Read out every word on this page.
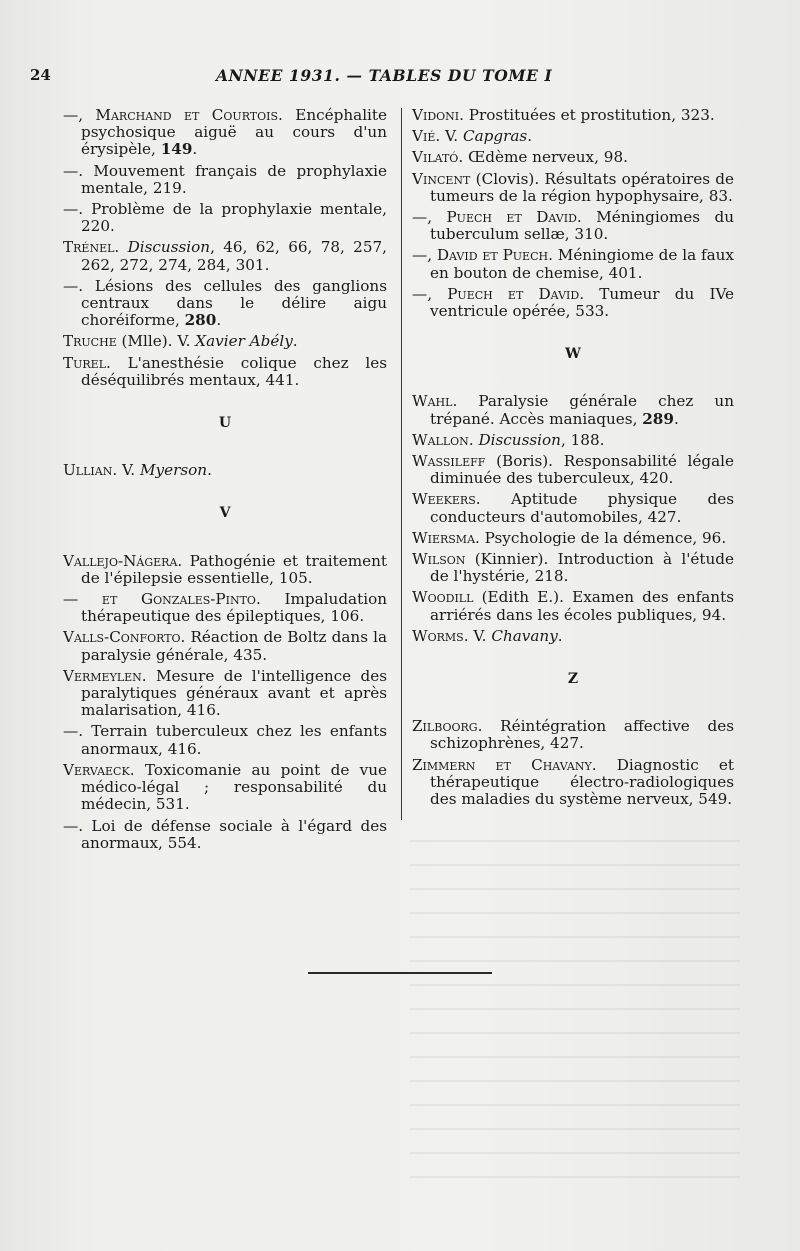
24	ANNEE 1931. — TABLES DU TOME I

—, Marchand et Courtois. Encéphalite psychosique aiguë au cours d'un érysipèle, 149.

—. Mouvement français de prophylaxie mentale, 219.

—. Problème de la prophylaxie mentale, 220.

Trénel. Discussion, 46, 62, 66, 78, 257, 262, 272, 274, 284, 301.

—. Lésions des cellules des ganglions centraux dans le délire aigu choréiforme, 280.

Truche (Mlle). V. Xavier Abély.

Turel. L'anesthésie colique chez les déséquilibrés mentaux, 441.

U

Ullian. V. Myerson.

V

Vallejo-Nágera. Pathogénie et traitement de l'épilepsie essentielle, 105.

— et Gonzales-Pinto. Impaludation thérapeutique des épileptiques, 106.

Valls-Conforto. Réaction de Boltz dans la paralysie générale, 435.

Vermeylen. Mesure de l'intelligence des paralytiques généraux avant et après malarisation, 416.

—. Terrain tuberculeux chez les enfants anormaux, 416.

Vervaeck. Toxicomanie au point de vue médico-légal ; responsabilité du médecin, 531.

—. Loi de défense sociale à l'égard des anormaux, 554.

Vidoni. Prostituées et prostitution, 323.

Vié. V. Capgras.

Vilató. Œdème nerveux, 98.

Vincent (Clovis). Résultats opératoires de tumeurs de la région hypophysaire, 83.

—, Puech et David. Méningiomes du tuberculum sellæ, 310.

—, David et Puech. Méningiome de la faux en bouton de chemise, 401.

—, Puech et David. Tumeur du IVe ventricule opérée, 533.

W

Wahl. Paralysie générale chez un trépané. Accès maniaques, 289.

Wallon. Discussion, 188.

Wassileff (Boris). Responsabilité légale diminuée des tuberculeux, 420.

Weekers. Aptitude physique des conducteurs d'automobiles, 427.

Wiersma. Psychologie de la démence, 96.

Wilson (Kinnier). Introduction à l'étude de l'hystérie, 218.

Woodill (Edith E.). Examen des enfants arriérés dans les écoles publiques, 94.

Worms. V. Chavany.

Z

Zilboorg. Réintégration affective des schizophrènes, 427.

Zimmern et Chavany. Diagnostic et thérapeutique électro-radiologiques des maladies du système nerveux, 549.
